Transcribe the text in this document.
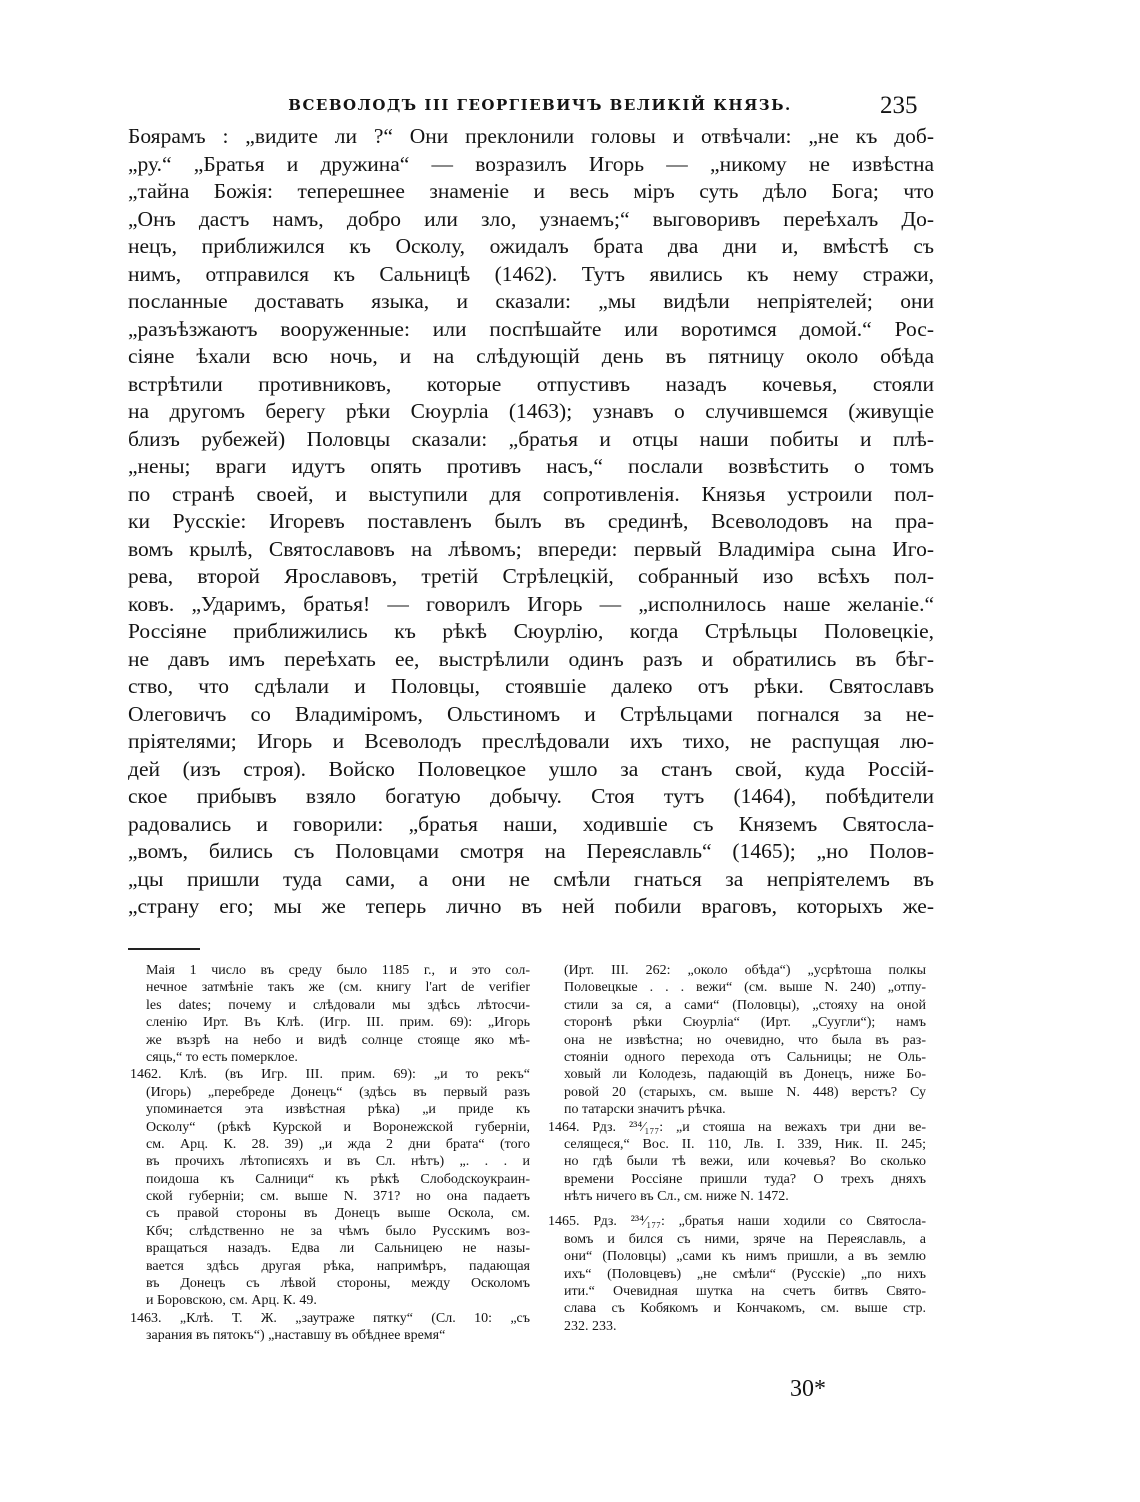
ВСЕВОЛОДЪ III ГЕОРГІЕВИЧЪ ВЕЛИКІЙ КНЯЗЬ.	235
Боярамъ : „видите ли ?“ Они преклонили головы и отвѣчали: „не къ доб-
„ру.“ „Братья и дружина“ — возразилъ Игорь — „никому не извѣстна
„тайна Божія: теперешнее знаменіе и весь міръ суть дѣло Бога; что
„Онъ дастъ намъ, добро или зло, узнаемъ;“ выговоривъ переѣхалъ До-
нецъ, приближился къ Осколу, ожидалъ брата два дни и, вмѣстѣ съ
нимъ, отправился къ Сальницѣ (1462). Тутъ явились къ нему стражи,
посланные доставать языка, и сказали: „мы видѣли непріятелей; они
„разъѣзжаютъ вооруженные: или поспѣшайте или воротимся домой.“ Рос-
сіяне ѣхали всю ночь, и на слѣдующій день въ пятницу около обѣда
встрѣтили противниковъ, которые отпустивъ назадъ кочевья, стояли
на другомъ берегу рѣки Сюурліа (1463); узнавъ о случившемся (живущіе
близъ рубежей) Половцы сказали: „братья и отцы наши побиты и плѣ-
„нены; враги идутъ опять противъ насъ,“ послали возвѣстить о томъ
по странѣ своей, и выступили для сопротивленія. Князья устроили пол-
ки Русскіе: Игоревъ поставленъ былъ въ срединѣ, Всеволодовъ на пра-
вомъ крылѣ, Святославовъ на лѣвомъ; впереди: первый Владиміра сына Иго-
рева, второй Ярославовъ, третій Стрѣлецкій, собранный изо всѣхъ пол-
ковъ. „Ударимъ, братья! — говорилъ Игорь — „исполнилось наше желаніе.“
Россіяне приближились къ рѣкѣ Сюурлію, когда Стрѣльцы Половецкіе,
не давъ имъ переѣхать ее, выстрѣлили одинъ разъ и обратились въ бѣг-
ство, что сдѣлали и Половцы, стоявшіе далеко отъ рѣки. Святославъ
Олеговичъ со Владиміромъ, Ольстиномъ и Стрѣльцами погнался за не-
пріятелями; Игорь и Всеволодъ преслѣдовали ихъ тихо, не распущая лю-
дей (изъ строя). Войско Половецкое ушло за станъ свой, куда Россій-
ское прибывъ взяло богатую добычу. Стоя тутъ (1464), побѣдители
радовались и говорили: „братья наши, ходившіе съ Княземъ Святосла-
„вомъ, бились съ Половцами смотря на Переяславль“ (1465); „но Полов-
„цы пришли туда сами, а они не смѣли гнаться за непріятелемъ въ
„страну его; мы же теперь лично въ ней побили враговъ, которыхъ же-
Маія 1 число въ среду было 1185 г., и это сол-
нечное затмѣніе такъ же (см. книгу l'art de verifier
les dates; почему и слѣдовали мы здѣсь лѣтосчи-
сленію Ирт. Въ Клѣ. (Игр. III. прим. 69): „Игорь
же възрѣ на небо и видѣ солнце стояще яко мѣ-
сяць,“ то есть померклое.
1462. Клѣ. (въ Игр. III. прим. 69): „и то рекъ“
(Игорь) „перебреде Донецъ“ (здѣсь въ первый разъ
упоминается эта извѣстная рѣка) „и приде къ
Осколу“ (рѣкѣ Курской и Воронежской губерніи,
см. Арц. К. 28. 39) „и жда 2 дни брата“ (того
въ прочихъ лѣтописяхъ и въ Сл. нѣтъ) „. . . и
поидоша къ Салници“ къ рѣкѣ Слободскоукраин-
ской губерніи; см. выше N. 371? но она падаетъ
съ правой стороны въ Донецъ выше Оскола, см.
Кбч; слѣдственно не за чѣмъ было Русскимъ воз-
вращаться назадъ. Едва ли Сальницею не назы-
вается здѣсь другая рѣка, напримѣръ, падающая
въ Донецъ съ лѣвой стороны, между Осколомъ
и Боровскою, см. Арц. К. 49.
1463. „Клѣ. Т. Ж. „заутраже пятку“ (Сл. 10: „съ
зарания въ пятокъ“) „наставшу въ обѣднее время“
(Ирт. III. 262: „около обѣда“) „усрѣтоша полкы
Половецкые . . . вежи“ (см. выше N. 240) „отпу-
стили за ся, а сами“ (Половцы), „стояху на оной
сторонѣ рѣки Сюурліа“ (Ирт. „Суугли“); намъ
она не извѣстна; но очевидно, что была въ раз-
стояніи одного перехода отъ Сальницы; не Оль-
ховый ли Колодезь, падающій въ Донецъ, ниже Бо-
ровой 20 (старыхъ, см. выше N. 448) верстъ? Су
по татарски значитъ рѣчка.
1464. Рдз. ²³⁴⁄₁₇₇: „и стояша на вежахъ три дни ве-
селящеся,“ Вос. II. 110, Лв. I. 339, Ник. II. 245;
но гдѣ были тѣ вежи, или кочевья? Во сколько
времени Россіяне пришли туда? О трехъ дняхъ
нѣтъ ничего въ Сл., см. ниже N. 1472.
1465. Рдз. ²³⁴⁄₁₇₇: „братья наши ходили со Святосла-
вомъ и бился съ ними, зряче на Переяславль, а
они“ (Половцы) „сами къ нимъ пришли, а въ землю
ихъ“ (Половцевъ) „не смѣли“ (Русскіе) „по нихъ
ити.“ Очевидная шутка на счетъ битвъ Свято-
слава съ Кобякомъ и Кончакомъ, см. выше стр.
232. 233.
30*
